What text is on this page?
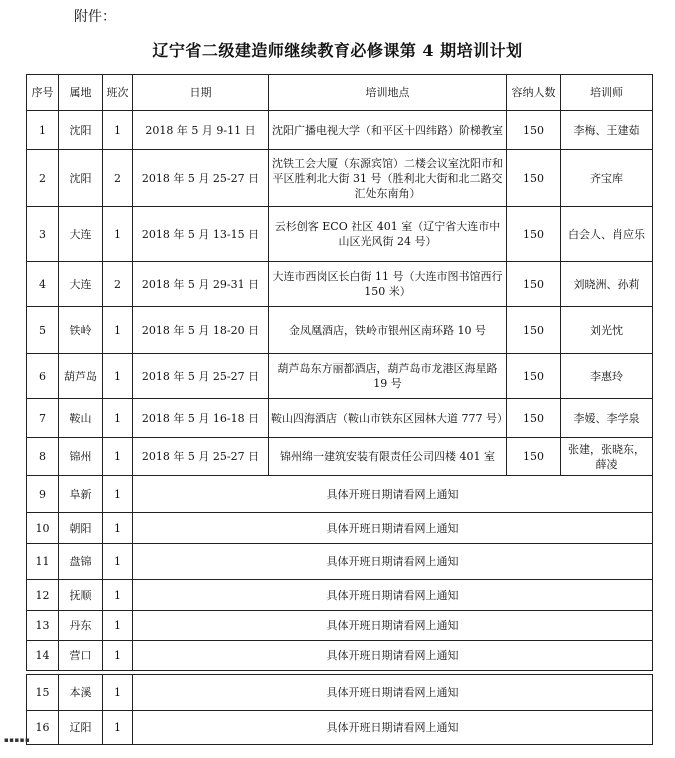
附件：
辽宁省二级建造师继续教育必修课第 4 期培训计划
序号	属地	班次	日期	培训地点	容纳人数	培训师
1	沈阳	1	2018 年 5 月 9-11 日	沈阳广播电视大学（和平区十四纬路）阶梯教室	150	李梅、王建茹
2	沈阳	2	2018 年 5 月 25-27 日	沈铁工会大厦（东源宾馆）二楼会议室沈阳市和平区胜利北大街 31 号（胜利北大街和北二路交汇处东南角）	150	齐宝库
3	大连	1	2018 年 5 月 13-15 日	云杉创客 ECO 社区 401 室（辽宁省大连市中山区光风街 24 号）	150	白会人、肖应乐
4	大连	2	2018 年 5 月 29-31 日	大连市西岗区长白街 11 号（大连市图书馆西行 150 米）	150	刘晓洲、孙莉
5	铁岭	1	2018 年 5 月 18-20 日	金凤凰酒店，铁岭市银州区南环路 10 号	150	刘光忱
6	葫芦岛	1	2018 年 5 月 25-27 日	葫芦岛东方丽都酒店，葫芦岛市龙港区海星路 19 号	150	李惠玲
7	鞍山	1	2018 年 5 月 16-18 日	鞍山四海酒店（鞍山市铁东区园林大道 777 号）	150	李嫒、李学泉
8	锦州	1	2018 年 5 月 25-27 日	锦州绵一建筑安装有限责任公司四楼 401 室	150	张建，张晓东，薛凌
9	阜新	1	具体开班日期请看网上通知			
10	朝阳	1	具体开班日期请看网上通知			
11	盘锦	1	具体开班日期请看网上通知			
12	抚顺	1	具体开班日期请看网上通知			
13	丹东	1	具体开班日期请看网上通知			
14	营口	1	具体开班日期请看网上通知			

15	本溪	1	具体开班日期请看网上通知			
16	辽阳	1	具体开班日期请看网上通知			
▪▪▪▪▪
